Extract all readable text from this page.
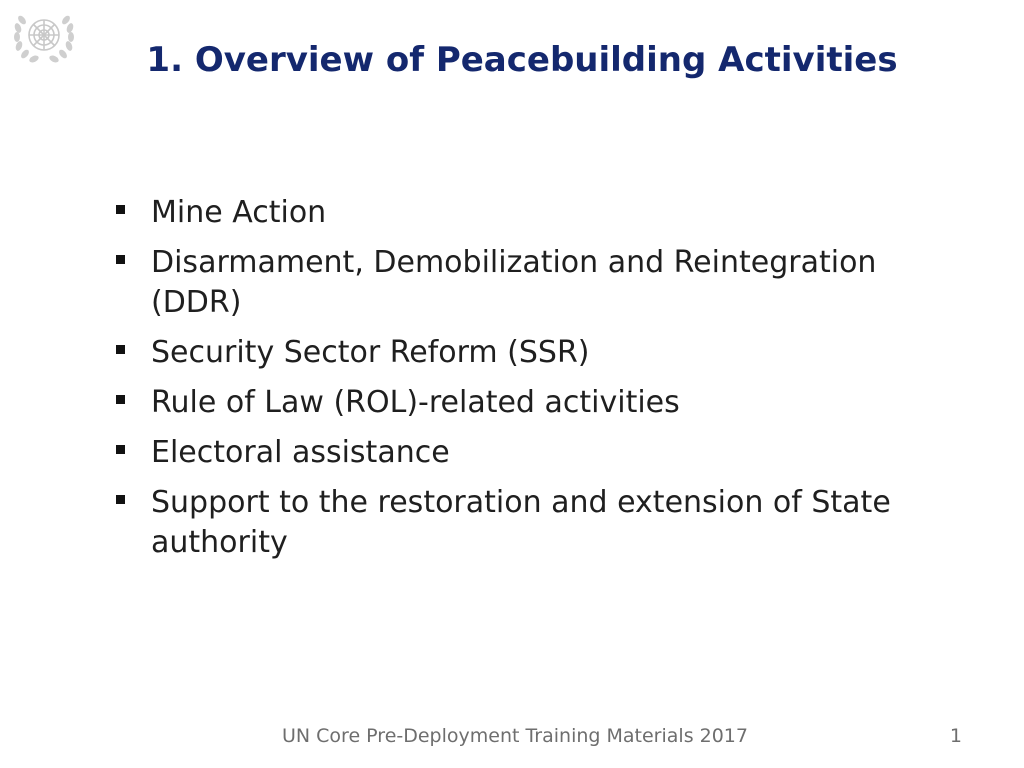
1. Overview of Peacebuilding Activities
Mine Action
Disarmament, Demobilization and Reintegration (DDR)
Security Sector Reform (SSR)
Rule of Law (ROL)-related activities
Electoral assistance
Support to the restoration and extension of State authority
UN Core Pre-Deployment Training Materials 2017	1
